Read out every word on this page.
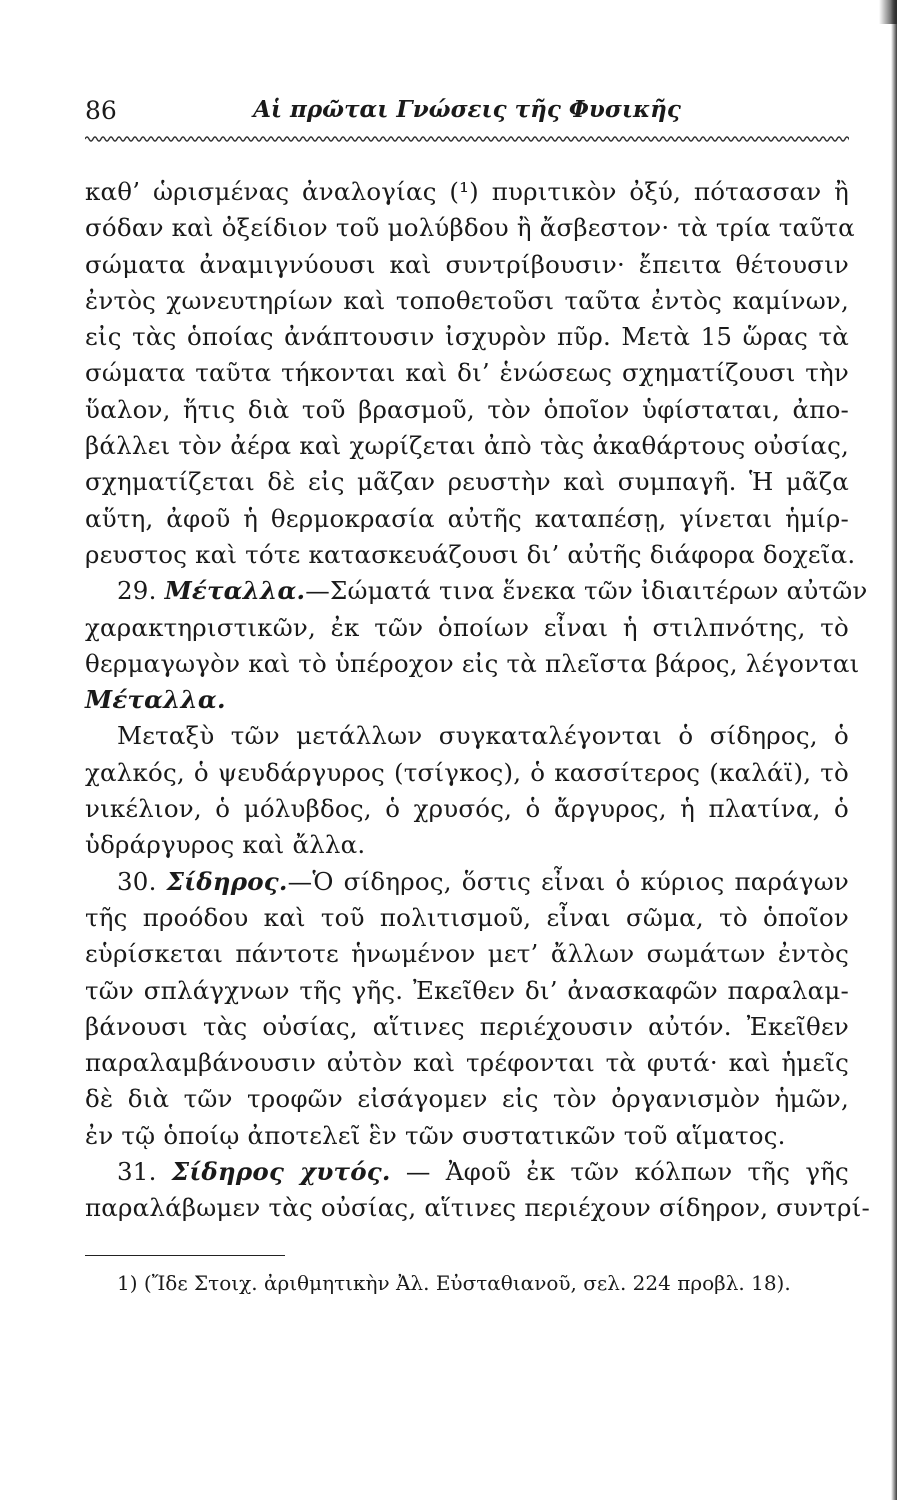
86	Αἱ πρῶται Γνώσεις τῆς Φυσικῆς
καθ’ ὡρισμένας ἀναλογίας (¹) πυριτικὸν ὀξύ, πότασσαν ἢ
σόδαν καὶ ὀξείδιον τοῦ μολύβδου ἢ ἄσβεστον· τὰ τρία ταῦτα
σώματα ἀναμιγνύουσι καὶ συντρίβουσιν· ἔπειτα θέτουσιν
ἐντὸς χωνευτηρίων καὶ τοποθετοῦσι ταῦτα ἐντὸς καμίνων,
εἰς τὰς ὁποίας ἀνάπτουσιν ἰσχυρὸν πῦρ. Μετὰ 15 ὥρας τὰ
σώματα ταῦτα τήκονται καὶ δι’ ἑνώσεως σχηματίζουσι τὴν
ὕαλον, ἥτις διὰ τοῦ βρασμοῦ, τὸν ὁποῖον ὑφίσταται, ἀπο-
βάλλει τὸν ἀέρα καὶ χωρίζεται ἀπὸ τὰς ἀκαθάρτους οὐσίας,
σχηματίζεται δὲ εἰς μᾶζαν ρευστὴν καὶ συμπαγῆ. Ἡ μᾶζα
αὕτη, ἀφοῦ ἡ θερμοκρασία αὐτῆς καταπέσῃ, γίνεται ἡμίρ-
ρευστος καὶ τότε κατασκευάζουσι δι’ αὐτῆς διάφορα δοχεῖα.
29. Μέταλλα.—Σώματά τινα ἕνεκα τῶν ἰδιαιτέρων αὐτῶν
χαρακτηριστικῶν, ἐκ τῶν ὁποίων εἶναι ἡ στιλπνότης, τὸ
θερμαγωγὸν καὶ τὸ ὑπέροχον εἰς τὰ πλεῖστα βάρος, λέγονται
Μέταλλα.
Μεταξὺ τῶν μετάλλων συγκαταλέγονται ὁ σίδηρος, ὁ
χαλκός, ὁ ψευδάργυρος (τσίγκος), ὁ κασσίτερος (καλάϊ), τὸ
νικέλιον, ὁ μόλυβδος, ὁ χρυσός, ὁ ἄργυρος, ἡ πλατίνα, ὁ
ὑδράργυρος καὶ ἄλλα.
30. Σίδηρος.—Ὁ σίδηρος, ὅστις εἶναι ὁ κύριος παράγων
τῆς προόδου καὶ τοῦ πολιτισμοῦ, εἶναι σῶμα, τὸ ὁποῖον
εὑρίσκεται πάντοτε ἡνωμένον μετ’ ἄλλων σωμάτων ἐντὸς
τῶν σπλάγχνων τῆς γῆς. Ἐκεῖθεν δι’ ἀνασκαφῶν παραλαμ-
βάνουσι τὰς οὐσίας, αἵτινες περιέχουσιν αὐτόν. Ἐκεῖθεν
παραλαμβάνουσιν αὐτὸν καὶ τρέφονται τὰ φυτά· καὶ ἡμεῖς
δὲ διὰ τῶν τροφῶν εἰσάγομεν εἰς τὸν ὀργανισμὸν ἡμῶν,
ἐν τῷ ὁποίῳ ἀποτελεῖ ἓν τῶν συστατικῶν τοῦ αἵματος.
31. Σίδηρος χυτός. — Ἀφοῦ ἐκ τῶν κόλπων τῆς γῆς
παραλάβωμεν τὰς οὐσίας, αἵτινες περιέχουν σίδηρον, συντρί-
1) (Ἴδε Στοιχ. ἀριθμητικὴν Ἀλ. Εὐσταθιανοῦ, σελ. 224 προβλ. 18).
